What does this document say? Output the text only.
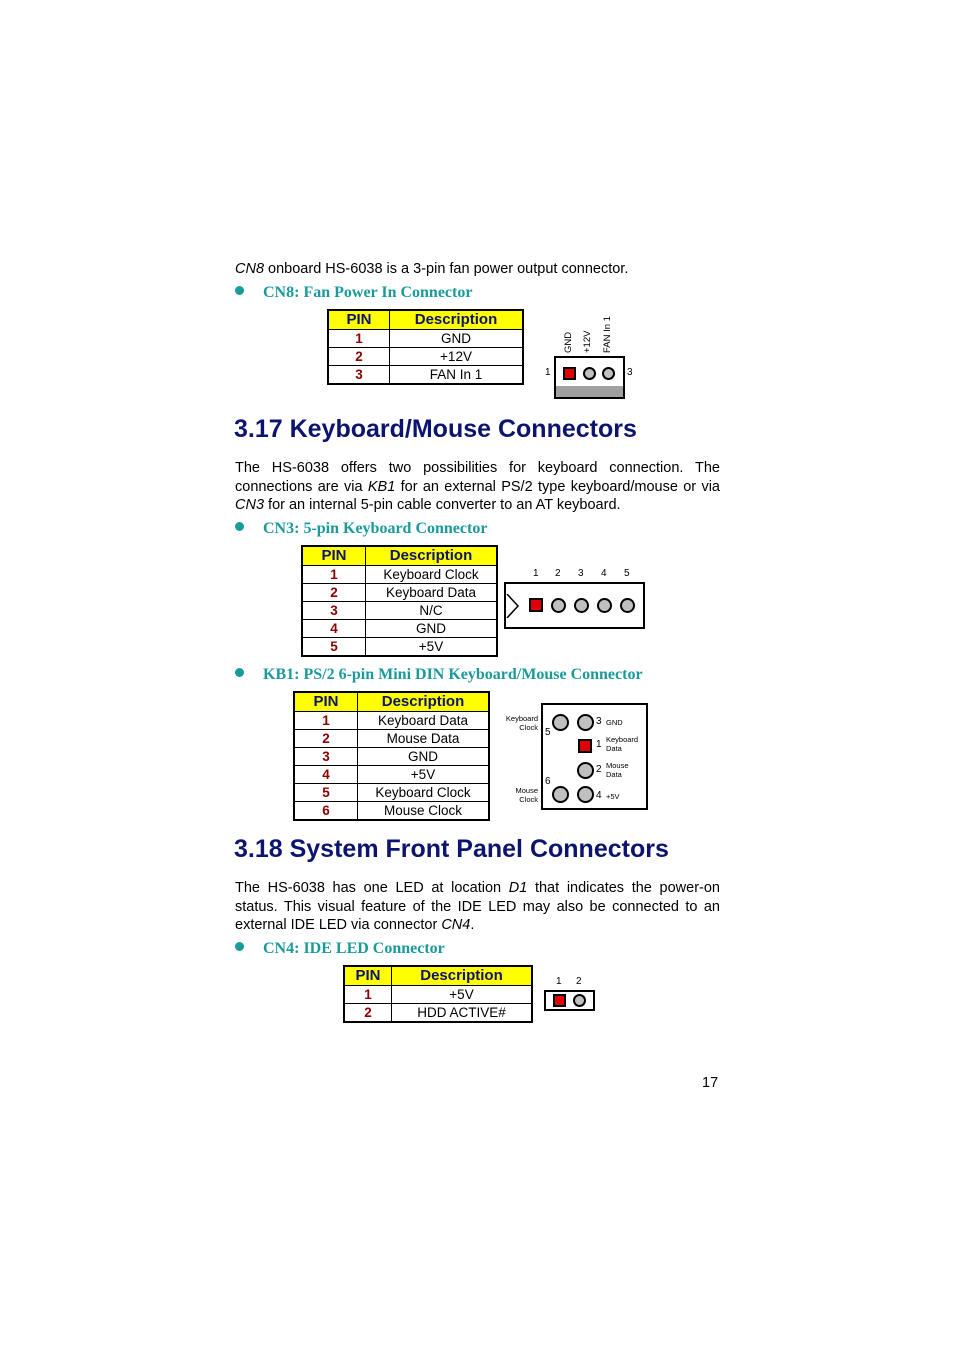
CN8 onboard HS-6038 is a 3-pin fan power output connector.
CN8: Fan Power In Connector
PIN	Description
1	GND
2	+12V
3	FAN In 1
GND +12V FAN In 1
1	3
3.17 Keyboard/Mouse Connectors
The HS-6038 offers two possibilities for keyboard connection. The connections are via KB1 for an external PS/2 type keyboard/mouse or via CN3 for an internal 5-pin cable converter to an AT keyboard.
CN3: 5-pin Keyboard Connector
PIN	Description
1	Keyboard Clock
2	Keyboard Data
3	N/C
4	GND
5	+5V
1 2 3 4 5
KB1: PS/2 6-pin Mini DIN Keyboard/Mouse Connector
PIN	Description
1	Keyboard Data
2	Mouse Data
3	GND
4	+5V
5	Keyboard Clock
6	Mouse Clock
Keyboard
Clock
Mouse
Clock
5
6
3 GND
1 Keyboard
Data
2 Mouse
Data
4 +5V
3.18 System Front Panel Connectors
The HS-6038 has one LED at location D1 that indicates the power-on status. This visual feature of the IDE LED may also be connected to an external IDE LED via connector CN4.
CN4: IDE LED Connector
PIN	Description
1	+5V
2	HDD ACTIVE#
1 2
17
